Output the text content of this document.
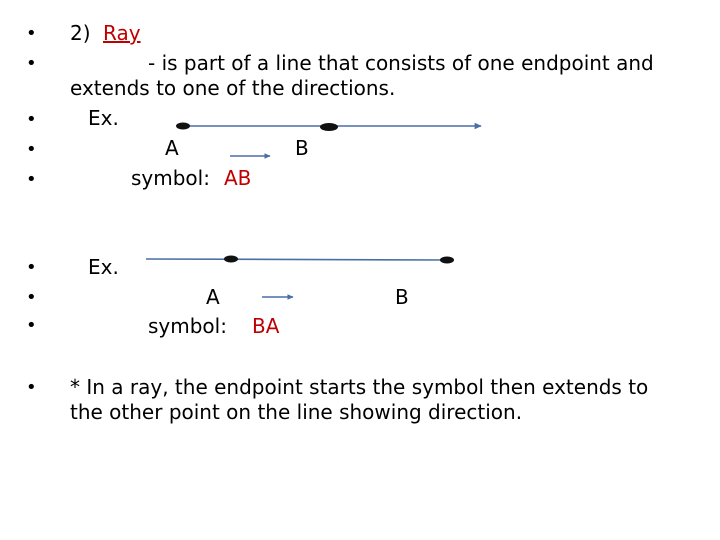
•
•
•
•
•
•
•
•
•
2) Ray
- is part of a line that consists of one endpoint and
extends to one of the directions.
Ex.
A	B
symbol: AB
Ex.
A	B
symbol: BA
* In a ray, the endpoint starts the symbol then extends to
the other point on the line showing direction.
